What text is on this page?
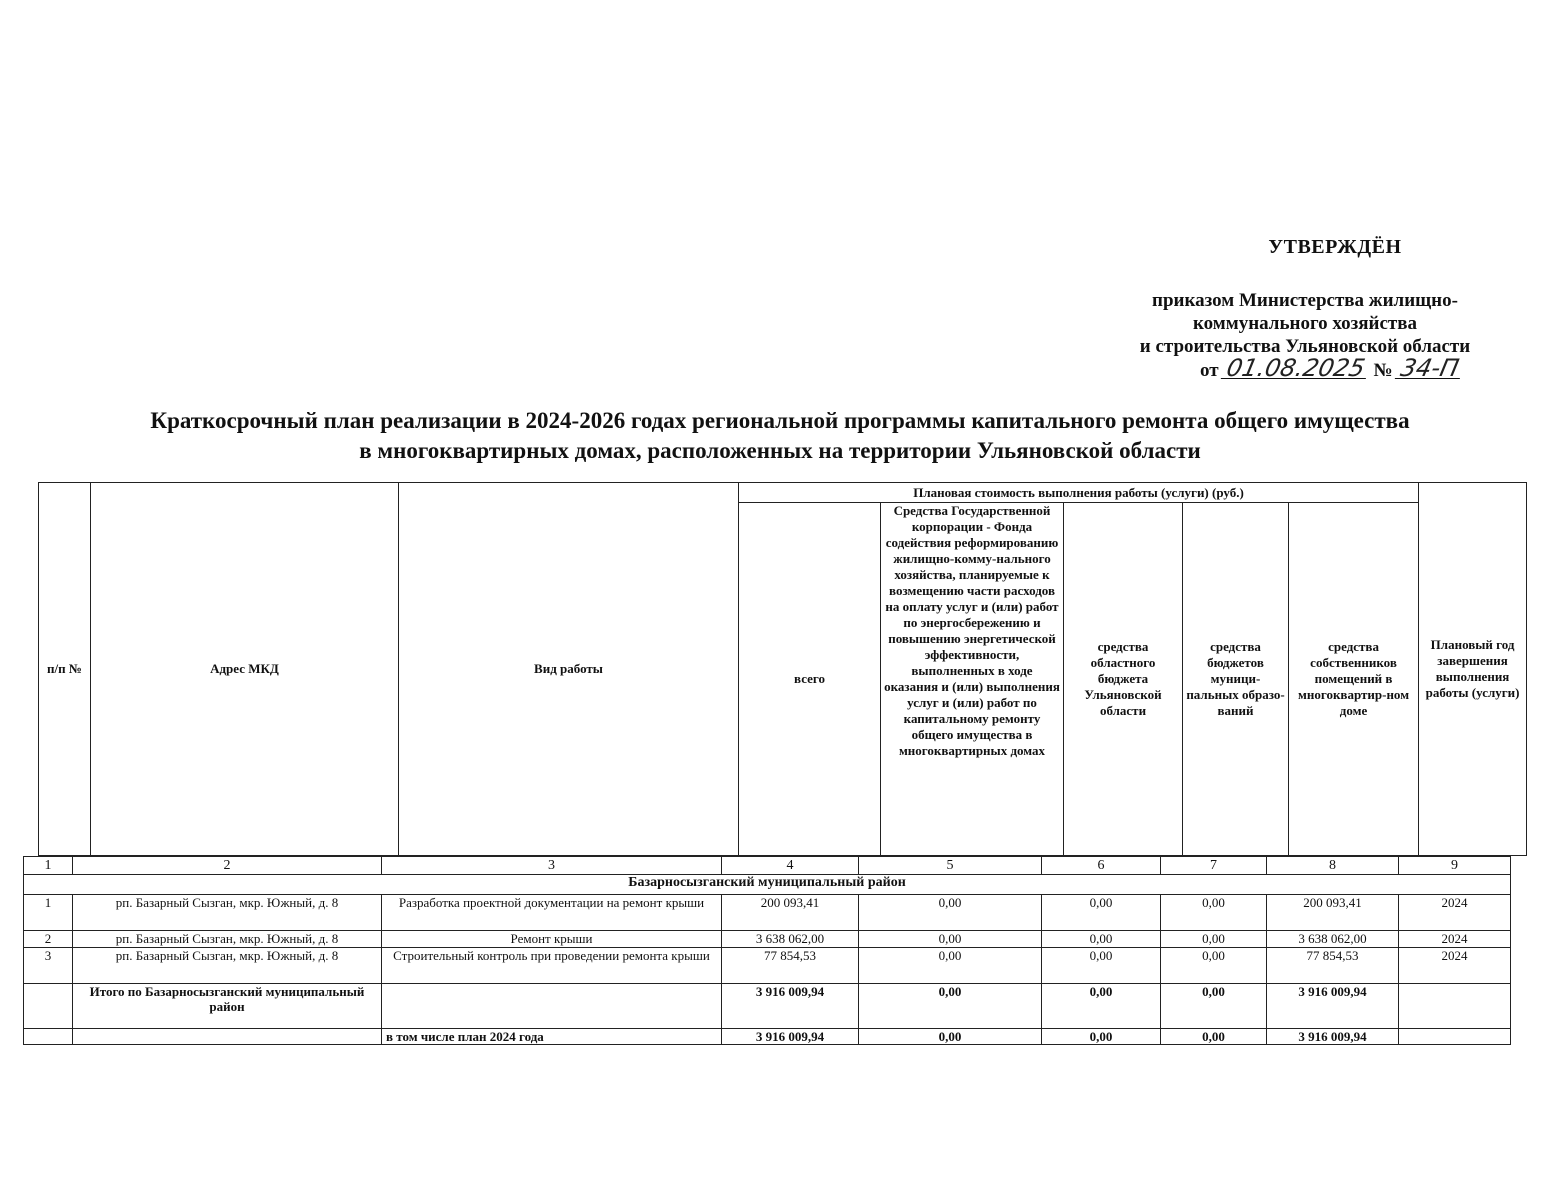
УТВЕРЖДЁН
приказом Министерства жилищно-
коммунального хозяйства
и строительства Ульяновской области
от 01.08.2025 № 34-П
Краткосрочный план реализации в 2024-2026 годах региональной программы капитального ремонта общего имущества
в многоквартирных домах, расположенных на территории Ульяновской области
п/п №	Адрес МКД	Вид работы	Плановая стоимость выполнения работы (услуги) (руб.)					Плановый год завершения выполнения работы (услуги)
			всего	Средства Государственной корпорации - Фонда содействия реформированию жилищно-комму-нального хозяйства, планируемые к возмещению части расходов на оплату услуг и (или) работ по энергосбережению и повышению энергетической эффективности, выполненных в ходе оказания и (или) выполнения услуг и (или) работ по капитальному ремонту общего имущества в многоквартирных домах	средства областного бюджета Ульяновской области	средства бюджетов муници-пальных образо-ваний	средства собственников помещений в многоквартир-ном доме	
1	2	3	4	5	6	7	8	9
Базарносызганский муниципальный район								
1	рп. Базарный Сызган, мкр. Южный, д. 8	Разработка проектной документации на ремонт крыши	200 093,41	0,00	0,00	0,00	200 093,41	2024
2	рп. Базарный Сызган, мкр. Южный, д. 8	Ремонт крыши	3 638 062,00	0,00	0,00	0,00	3 638 062,00	2024
3	рп. Базарный Сызган, мкр. Южный, д. 8	Строительный контроль при проведении ремонта крыши	77 854,53	0,00	0,00	0,00	77 854,53	2024
	Итого по Базарносызганский муниципальный район		3 916 009,94	0,00	0,00	0,00	3 916 009,94	
		в том числе план 2024 года	3 916 009,94	0,00	0,00	0,00	3 916 009,94	
